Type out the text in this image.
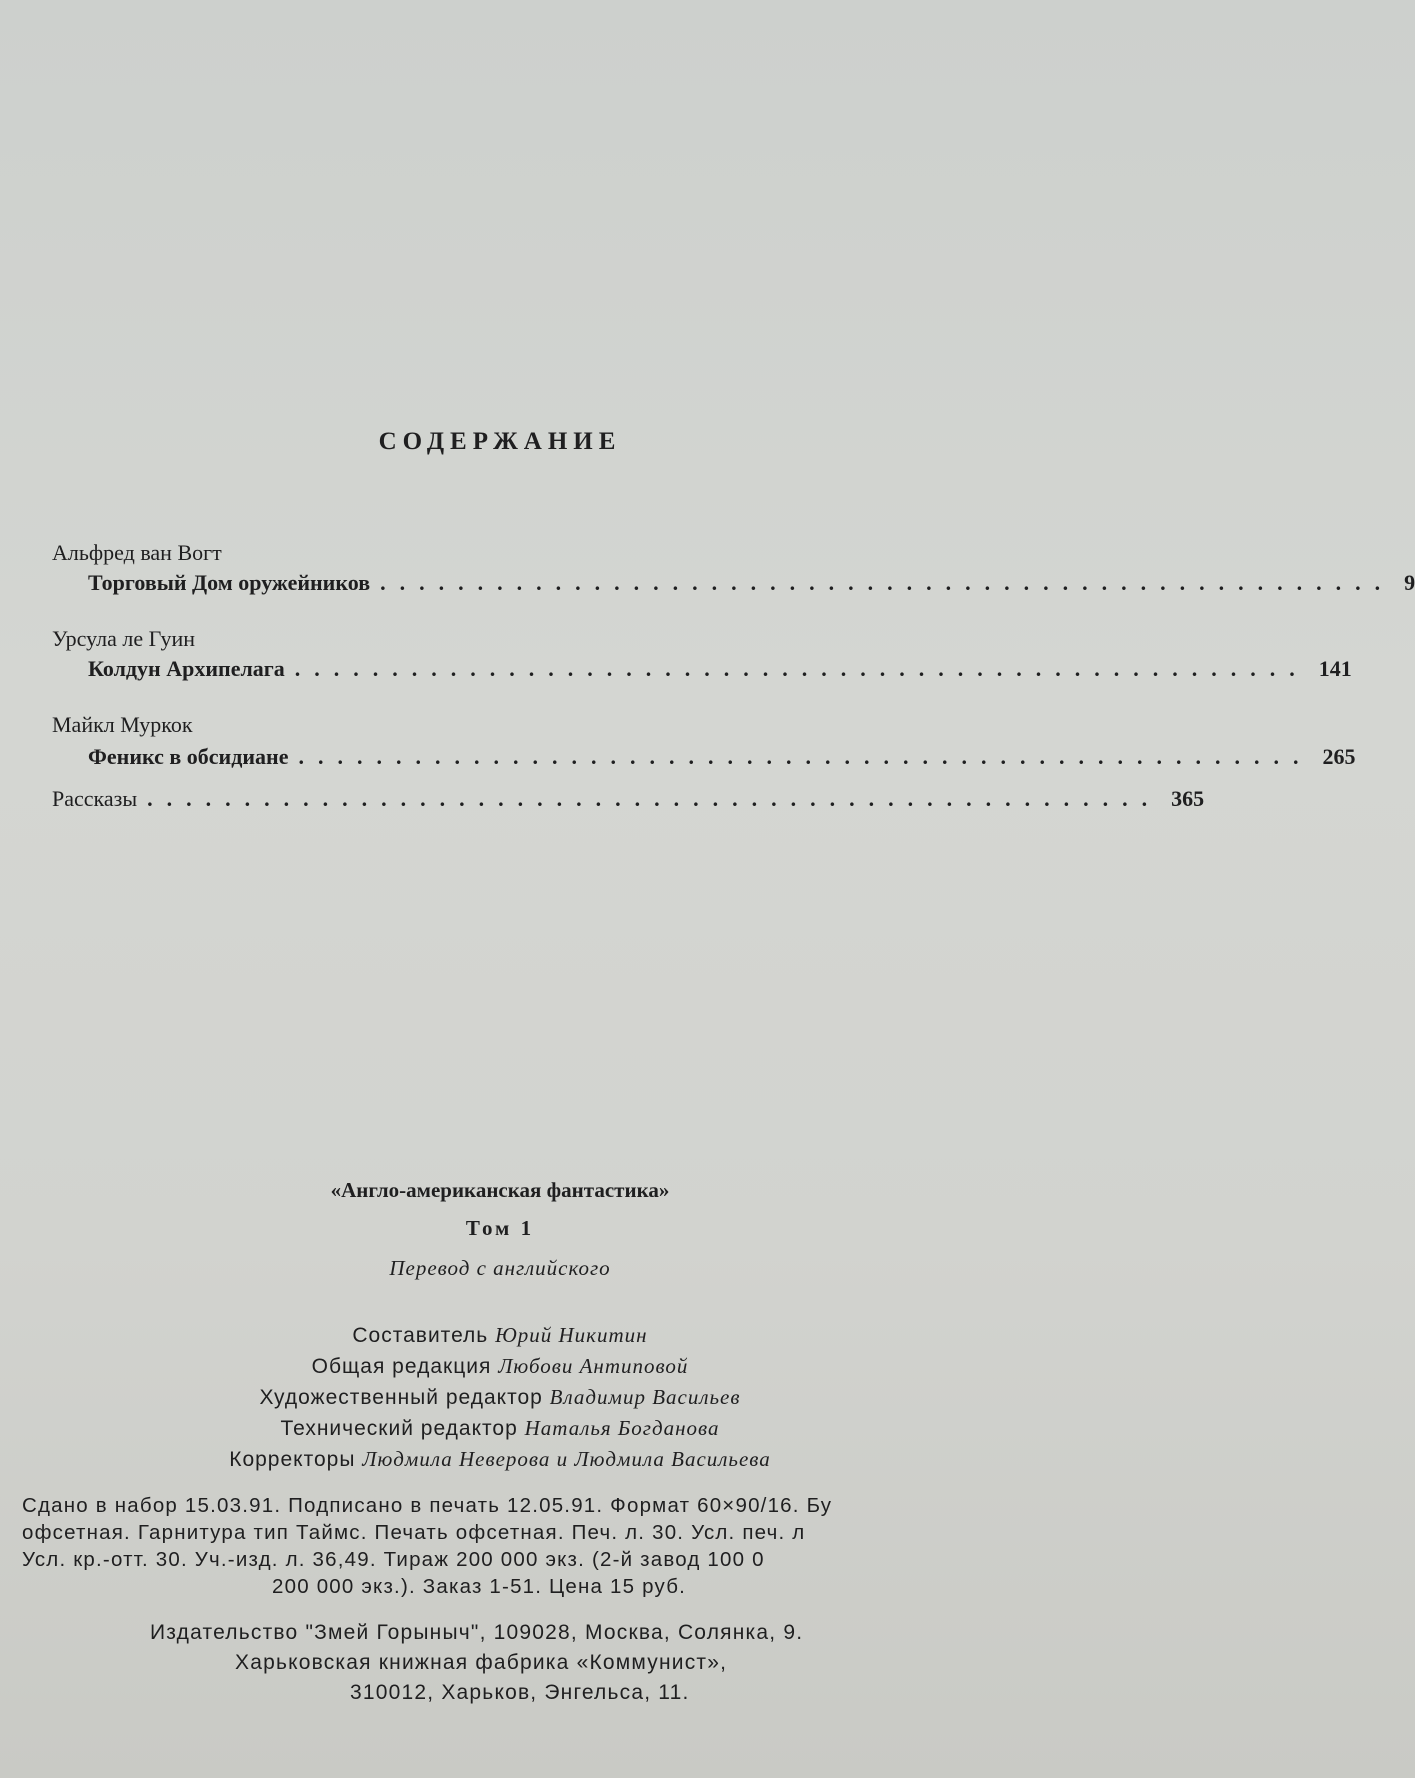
СОДЕРЖАНИЕ
Альфред ван Вогт
Торговый Дом оружейников .................................................... 9
Урсула ле Гуин
Колдун Архипелага .................................................... 141
Майкл Муркок
Феникс в обсидиане .................................................... 265
Рассказы .................................................... 365
«Англо-американская фантастика»
Том 1
Перевод с английского
Составитель Юрий Никитин
Общая редакция Любови Антиповой
Художественный редактор Владимир Васильев
Технический редактор Наталья Богданова
Корректоры Людмила Неверова и Людмила Васильева
Сдано в набор 15.03.91. Подписано в печать 12.05.91. Формат 60×90/16. Бу
офсетная. Гарнитура тип Таймс. Печать офсетная. Печ. л. 30. Усл. печ. л
Усл. кр.-отт. 30. Уч.-изд. л. 36,49. Тираж 200 000 экз. (2-й завод 100 0
200 000 экз.). Заказ 1-51. Цена 15 руб.
Издательство "Змей Горыныч", 109028, Москва, Солянка, 9.
Харьковская книжная фабрика «Коммунист»,
310012, Харьков, Энгельса, 11.
